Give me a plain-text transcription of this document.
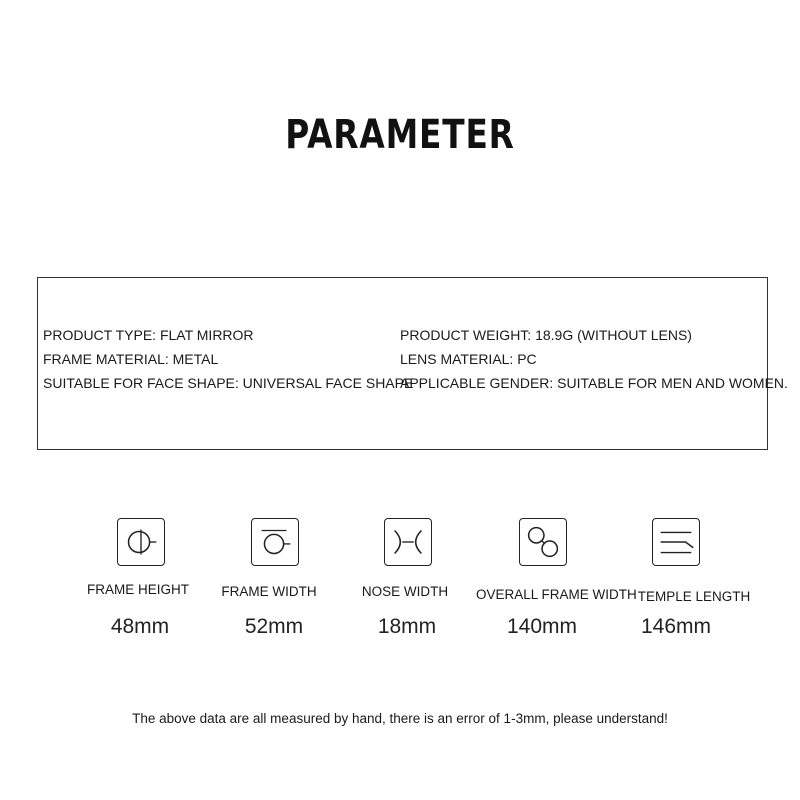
PARAMETER
PRODUCT TYPE: FLAT MIRROR
FRAME MATERIAL: METAL
SUITABLE FOR FACE SHAPE: UNIVERSAL FACE SHAPE
PRODUCT WEIGHT: 18.9G (WITHOUT LENS)
LENS MATERIAL: PC
APPLICABLE GENDER: SUITABLE FOR MEN AND WOMEN.
FRAME HEIGHT
48mm
FRAME WIDTH
52mm
NOSE WIDTH
18mm
OVERALL FRAME WIDTH
140mm
TEMPLE LENGTH
146mm
The above data are all measured by hand, there is an error of 1-3mm, please understand!
